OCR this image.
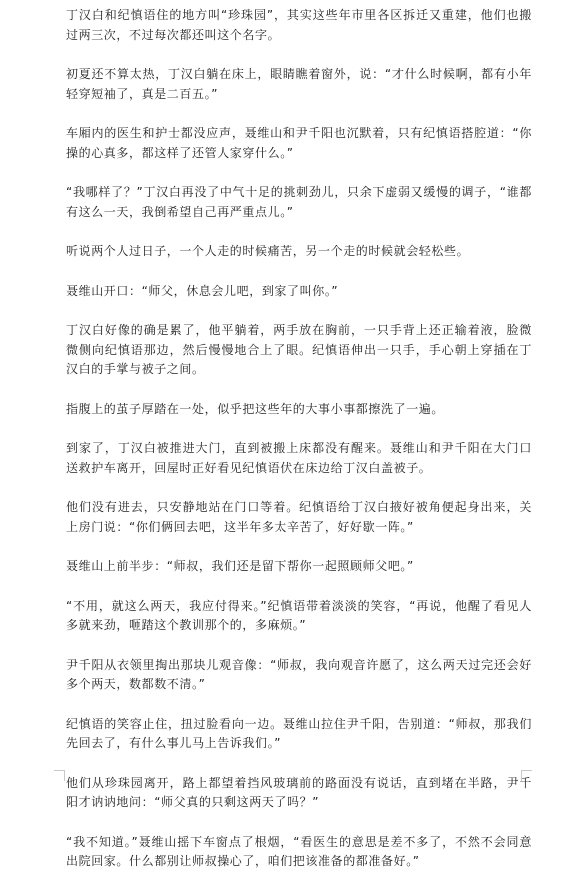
丁汉白和纪慎语住的地方叫“珍珠园”，其实这些年市里各区拆迁又重建，他们也搬过两三次，不过每次都还叫这个名字。

初夏还不算太热，丁汉白躺在床上，眼睛瞧着窗外，说：“才什么时候啊，都有小年轻穿短袖了，真是二百五。”

车厢内的医生和护士都没应声，聂维山和尹千阳也沉默着，只有纪慎语搭腔道：“你操的心真多，都这样了还管人家穿什么。”

“我哪样了？”丁汉白再没了中气十足的挑刺劲儿，只余下虚弱又缓慢的调子，“谁都有这么一天，我倒希望自己再严重点儿。”

听说两个人过日子，一个人走的时候痛苦，另一个走的时候就会轻松些。

聂维山开口：“师父，休息会儿吧，到家了叫你。”

丁汉白好像的确是累了，他平躺着，两手放在胸前，一只手背上还正输着液，脸微微侧向纪慎语那边，然后慢慢地合上了眼。纪慎语伸出一只手，手心朝上穿插在丁汉白的手掌与被子之间。

指腹上的茧子厚踏在一处，似乎把这些年的大事小事都擦洗了一遍。

到家了，丁汉白被推进大门，直到被搬上床都没有醒来。聂维山和尹千阳在大门口送救护车离开，回屋时正好看见纪慎语伏在床边给丁汉白盖被子。

他们没有进去，只安静地站在门口等着。纪慎语给丁汉白掖好被角便起身出来，关上房门说：“你们俩回去吧，这半年多太辛苦了，好好歇一阵。”

聂维山上前半步：“师叔，我们还是留下帮你一起照顾师父吧。”

“不用，就这么两天，我应付得来。”纪慎语带着淡淡的笑容，“再说，他醒了看见人多就来劲，咂踏这个教训那个的，多麻烦。”

尹千阳从衣领里掏出那块儿观音像：“师叔，我向观音许愿了，这么两天过完还会好多个两天，数都数不清。”

纪慎语的笑容止住，扭过脸看向一边。聂维山拉住尹千阳，告别道：“师叔，那我们先回去了，有什么事儿马上告诉我们。”

他们从珍珠园离开，路上都望着挡风玻璃前的路面没有说话，直到堵在半路，尹千阳才讷讷地问：“师父真的只剩这两天了吗？”

“我不知道。”聂维山摇下车窗点了根烟，“看医生的意思是差不多了，不然不会同意出院回家。什么都别让师叔操心了，咱们把该准备的都准备好。”
